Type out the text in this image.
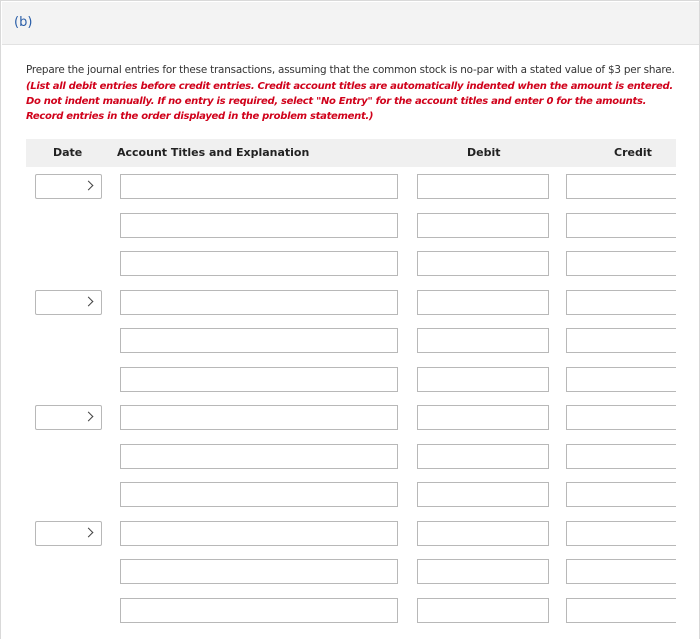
(b)
Prepare the journal entries for these transactions, assuming that the common stock is no-par with a stated value of $3 per share.
(List all debit entries before credit entries. Credit account titles are automatically indented when the amount is entered. Do not indent manually. If no entry is required, select "No Entry" for the account titles and enter 0 for the amounts. Record entries in the order displayed in the problem statement.)
Date	Account Titles and Explanation	Debit	Credit
